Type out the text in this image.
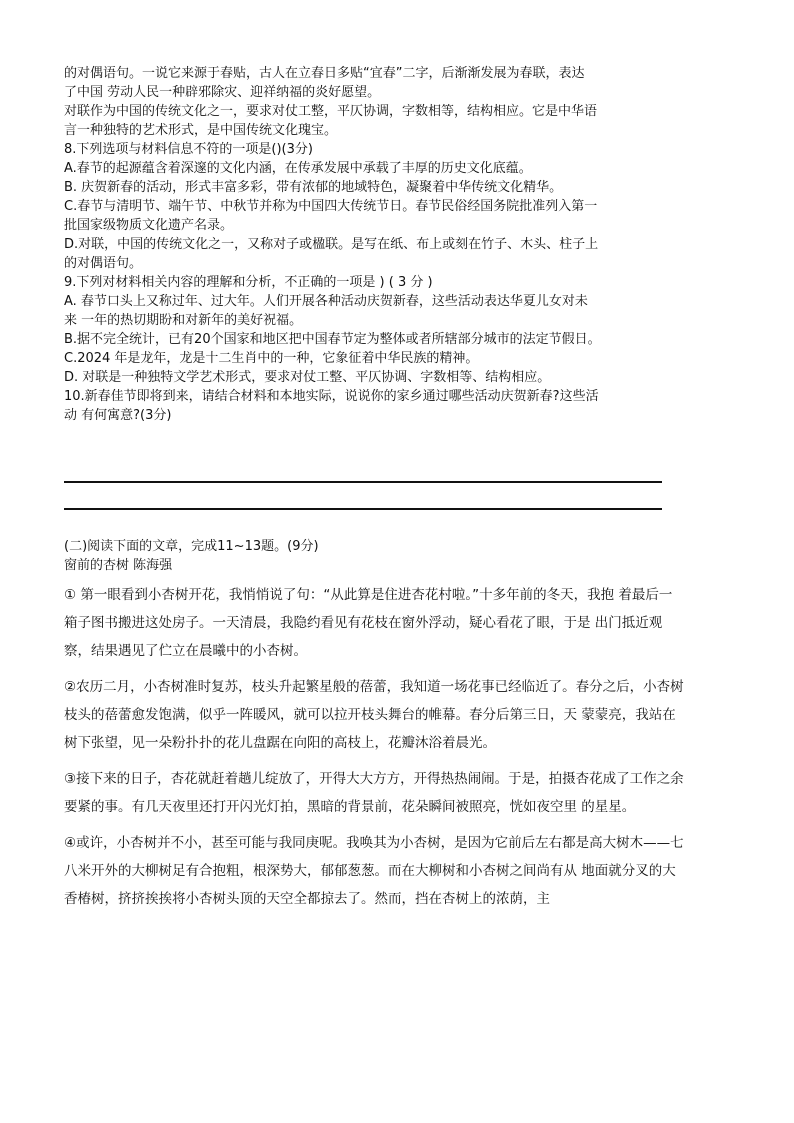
的对偶语句。一说它来源于春贴，古人在立春日多贴“宜春”二字，后渐渐发展为春联，表达

了中国 劳动人民一种辟邪除灾、迎祥纳福的炎好愿望。

对联作为中国的传统文化之一，要求对仗工整，平仄协调，字数相等，结构相应。它是中华语

言一种独特的艺术形式，是中国传统文化瑰宝。

8.下列选项与材料信息不符的一项是()(3分)

A.春节的起源蕴含着深邃的文化内涵，在传承发展中承载了丰厚的历史文化底蕴。

B. 庆贺新春的活动，形式丰富多彩，带有浓郁的地域特色，凝聚着中华传统文化精华。

C.春节与清明节、端午节、中秋节并称为中国四大传统节日。春节民俗经国务院批准列入第一

批国家级物质文化遗产名录。

D.对联，中国的传统文化之一，又称对子或楹联。是写在纸、布上或刻在竹子、木头、柱子上

的对偶语句。

9.下列对材料相关内容的理解和分析，不正确的一项是 ) ( 3 分 )

A. 春节口头上又称过年、过大年。人们开展各种活动庆贺新春，这些活动表达华夏儿女对未

来 一年的热切期盼和对新年的美好祝福。

B.据不完全统计，已有20个国家和地区把中国春节定为整体或者所辖部分城市的法定节假日。

C.2024 年是龙年，龙是十二生肖中的一种，它象征着中华民族的精神。

D. 对联是一种独特文学艺术形式，要求对仗工整、平仄协调、字数相等、结构相应。

10.新春佳节即将到来，请结合材料和本地实际，说说你的家乡通过哪些活动庆贺新春?这些活

动 有何寓意?(3分)

(二)阅读下面的文章，完成11~13题。(9分)

窗前的杏树 陈海强

① 第一眼看到小杏树开花，我悄悄说了句：“从此算是住进杏花村啦。”十多年前的冬天，我抱 着最后一箱子图书搬进这处房子。一天清晨，我隐约看见有花枝在窗外浮动，疑心看花了眼，于是 出门抵近观察，结果遇见了伫立在晨曦中的小杏树。

②农历二月，小杏树准时复苏，枝头升起繁星般的蓓蕾，我知道一场花事已经临近了。春分之后，小杏树枝头的蓓蕾愈发饱满，似乎一阵暖风，就可以拉开枝头舞台的帷幕。春分后第三日，天 蒙蒙亮，我站在树下张望，见一朵粉扑扑的花儿盘踞在向阳的高枝上，花瓣沐浴着晨光。

③接下来的日子，杏花就赶着趟儿绽放了，开得大大方方，开得热热闹闹。于是，拍摄杏花成了工作之余要紧的事。有几天夜里还打开闪光灯拍，黑暗的背景前，花朵瞬间被照亮，恍如夜空里 的星星。

④或许，小杏树并不小，甚至可能与我同庚呢。我唤其为小杏树，是因为它前后左右都是高大树木——七八米开外的大柳树足有合抱粗，根深势大，郁郁葱葱。而在大柳树和小杏树之间尚有从 地面就分叉的大香椿树，挤挤挨挨将小杏树头顶的天空全都掠去了。然而，挡在杏树上的浓荫，主
